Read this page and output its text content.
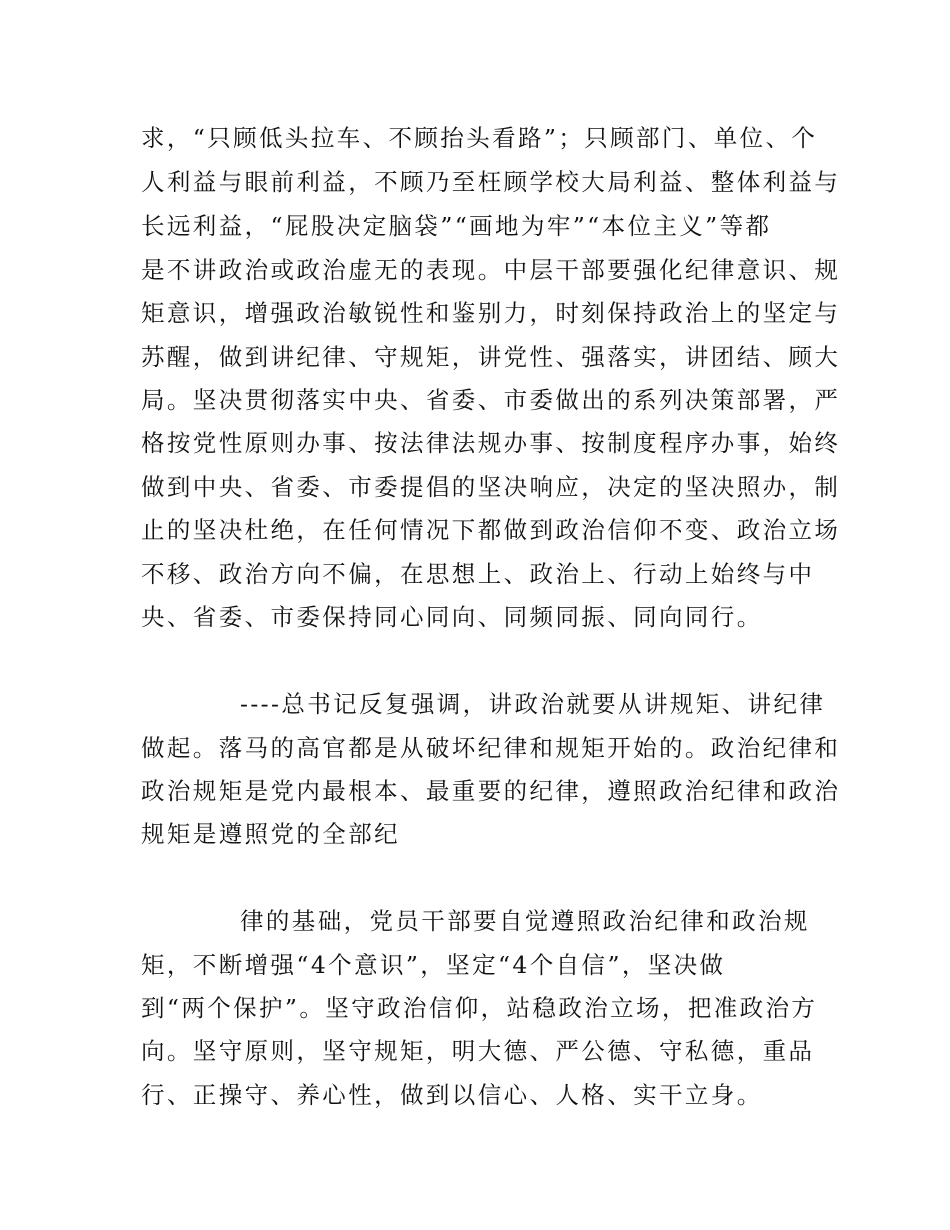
求，“只顾低头拉车、不顾抬头看路”；只顾部门、单位、个
人利益与眼前利益，不顾乃至枉顾学校大局利益、整体利益与
长远利益，“屁股决定脑袋”“画地为牢”“本位主义”等都
是不讲政治或政治虚无的表现。中层干部要强化纪律意识、规
矩意识，增强政治敏锐性和鉴别力，时刻保持政治上的坚定与
苏醒，做到讲纪律、守规矩，讲党性、强落实，讲团结、顾大
局。坚决贯彻落实中央、省委、市委做出的系列决策部署，严
格按党性原则办事、按法律法规办事、按制度程序办事，始终
做到中央、省委、市委提倡的坚决响应，决定的坚决照办，制
止的坚决杜绝，在任何情况下都做到政治信仰不变、政治立场
不移、政治方向不偏，在思想上、政治上、行动上始终与中
央、省委、市委保持同心同向、同频同振、同向同行。
----总书记反复强调，讲政治就要从讲规矩、讲纪律
做起。落马的高官都是从破坏纪律和规矩开始的。政治纪律和
政治规矩是党内最根本、最重要的纪律，遵照政治纪律和政治
规矩是遵照党的全部纪
律的基础，党员干部要自觉遵照政治纪律和政治规
矩，不断增强“4个意识”，坚定“4个自信”，坚决做
到“两个保护”。坚守政治信仰，站稳政治立场，把准政治方
向。坚守原则，坚守规矩，明大德、严公德、守私德，重品
行、正操守、养心性，做到以信心、人格、实干立身。
